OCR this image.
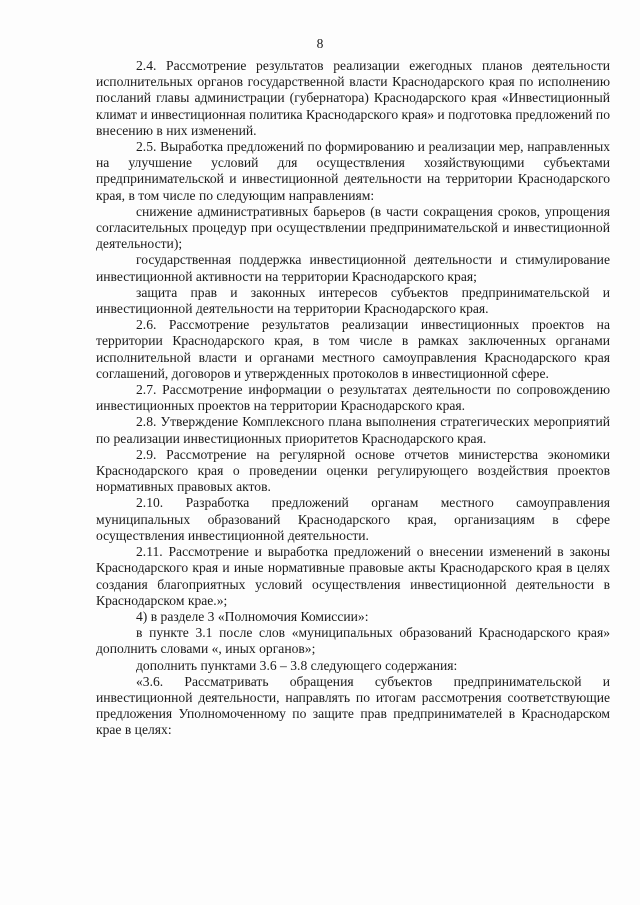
8

2.4. Рассмотрение результатов реализации ежегодных планов деятельности исполнительных органов государственной власти Краснодарского края по исполнению посланий главы администрации (губернатора) Краснодарского края «Инвестиционный климат и инвестиционная политика Краснодарского края» и подготовка предложений по внесению в них изменений.

2.5. Выработка предложений по формированию и реализации мер, направленных на улучшение условий для осуществления хозяйствующими субъектами предпринимательской и инвестиционной деятельности на территории Краснодарского края, в том числе по следующим направлениям:

снижение административных барьеров (в части сокращения сроков, упрощения согласительных процедур при осуществлении предпринимательской и инвестиционной деятельности);

государственная поддержка инвестиционной деятельности и стимулирование инвестиционной активности на территории Краснодарского края;

защита прав и законных интересов субъектов предпринимательской и инвестиционной деятельности на территории Краснодарского края.

2.6. Рассмотрение результатов реализации инвестиционных проектов на территории Краснодарского края, в том числе в рамках заключенных органами исполнительной власти и органами местного самоуправления Краснодарского края соглашений, договоров и утвержденных протоколов в инвестиционной сфере.

2.7. Рассмотрение информации о результатах деятельности по сопровождению инвестиционных проектов на территории Краснодарского края.

2.8. Утверждение Комплексного плана выполнения стратегических мероприятий по реализации инвестиционных приоритетов Краснодарского края.

2.9. Рассмотрение на регулярной основе отчетов министерства экономики Краснодарского края о проведении оценки регулирующего воздействия проектов нормативных правовых актов.

2.10. Разработка предложений органам местного самоуправления муниципальных образований Краснодарского края, организациям в сфере осуществления инвестиционной деятельности.

2.11. Рассмотрение и выработка предложений о внесении изменений в законы Краснодарского края и иные нормативные правовые акты Краснодарского края в целях создания благоприятных условий осуществления инвестиционной деятельности в Краснодарском крае.»;

4) в разделе 3 «Полномочия Комиссии»:

в пункте 3.1 после слов «муниципальных образований Краснодарского края» дополнить словами «, иных органов»;

дополнить пунктами 3.6 – 3.8 следующего содержания:

«3.6. Рассматривать обращения субъектов предпринимательской и инвестиционной деятельности, направлять по итогам рассмотрения соответствующие предложения Уполномоченному по защите прав предпринимателей в Краснодарском крае в целях:
